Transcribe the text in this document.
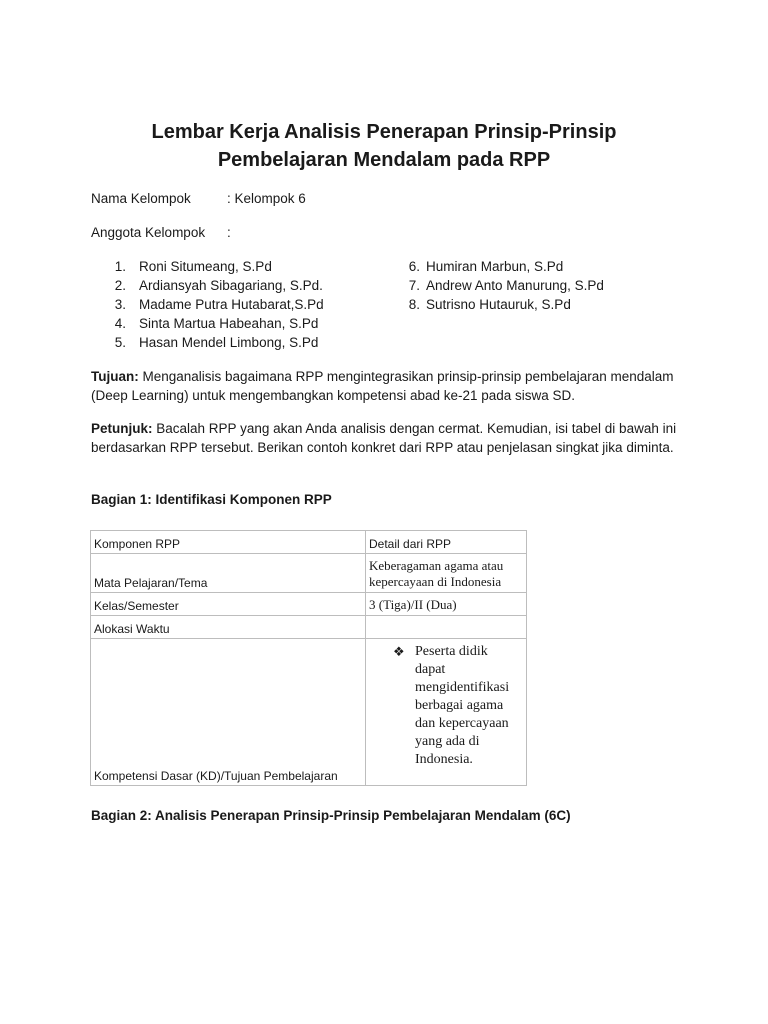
Lembar Kerja Analisis Penerapan Prinsip-Prinsip
Pembelajaran Mendalam pada RPP
Nama Kelompok	: Kelompok 6
Anggota Kelompok :
1. Roni Situmeang, S.Pd
2. Ardiansyah Sibagariang, S.Pd.
3. Madame Putra Hutabarat,S.Pd
4. Sinta Martua Habeahan, S.Pd
5. Hasan Mendel Limbong, S.Pd
6. Humiran Marbun, S.Pd
7. Andrew Anto Manurung, S.Pd
8. Sutrisno Hutauruk, S.Pd
Tujuan: Menganalisis bagaimana RPP mengintegrasikan prinsip-prinsip pembelajaran mendalam (Deep Learning) untuk mengembangkan kompetensi abad ke-21 pada siswa SD.
Petunjuk: Bacalah RPP yang akan Anda analisis dengan cermat. Kemudian, isi tabel di bawah ini berdasarkan RPP tersebut. Berikan contoh konkret dari RPP atau penjelasan singkat jika diminta.
Bagian 1: Identifikasi Komponen RPP
Komponen RPP	Detail dari RPP
Mata Pelajaran/Tema	Keberagaman agama atau kepercayaan di Indonesia
Kelas/Semester	3 (Tiga)/II (Dua)
Alokasi Waktu	
Kompetensi Dasar (KD)/Tujuan Pembelajaran	❖ Peserta didik dapat mengidentifikasi berbagai agama dan kepercayaan yang ada di Indonesia.
Bagian 2: Analisis Penerapan Prinsip-Prinsip Pembelajaran Mendalam (6C)
